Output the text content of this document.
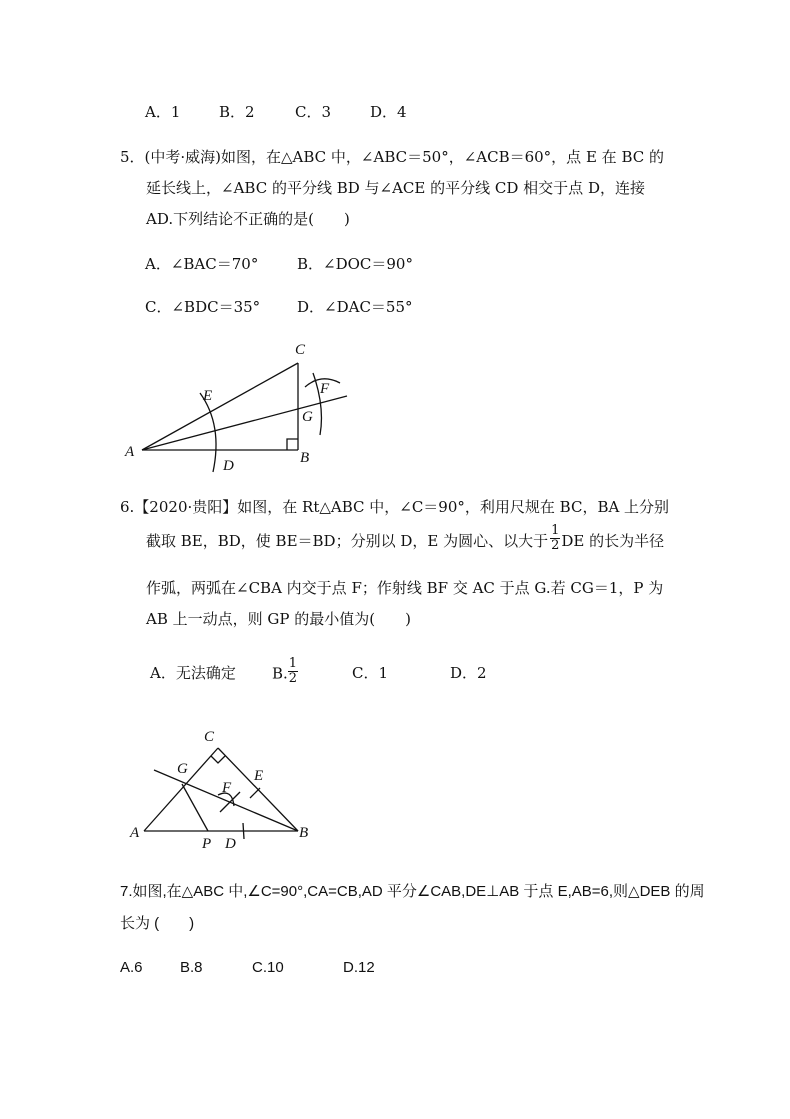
A．1	B．2	C．3	D．4
5．(中考·威海)如图，在△ABC 中，∠ABC＝50°，∠ACB＝60°，点 E 在 BC 的
延长线上，∠ABC 的平分线 BD 与∠ACE 的平分线 CD 相交于点 D，连接
AD.下列结论不正确的是(　　)
A．∠BAC＝70°	B．∠DOC＝90°
C．∠BDC＝35° D．∠DAC＝55°
C
E	F
G
A
D	B
6.【2020·贵阳】如图，在 Rt△ABC 中，∠C＝90°，利用尺规在 BC，BA 上分别
截取 BE，BD，使 BE＝BD；分别以 D，E 为圆心、以大于 $\frac{1}{2}$ DE 的长为半径
作弧，两弧在∠CBA 内交于点 F；作射线 BF 交 AC 于点 G.若 CG＝1，P 为
AB 上一动点，则 GP 的最小值为(　　)
A．无法确定 B. $\frac{1}{2}$	C．1	D．2
C
G	E
F
A
P D
B
7.如图,在△ABC 中,∠C=90°,CA=CB,AD 平分∠CAB,DE⊥AB 于点 E,AB=6,则△DEB 的周
长为 (　　)
A.6 B.8	C.10	D.12
